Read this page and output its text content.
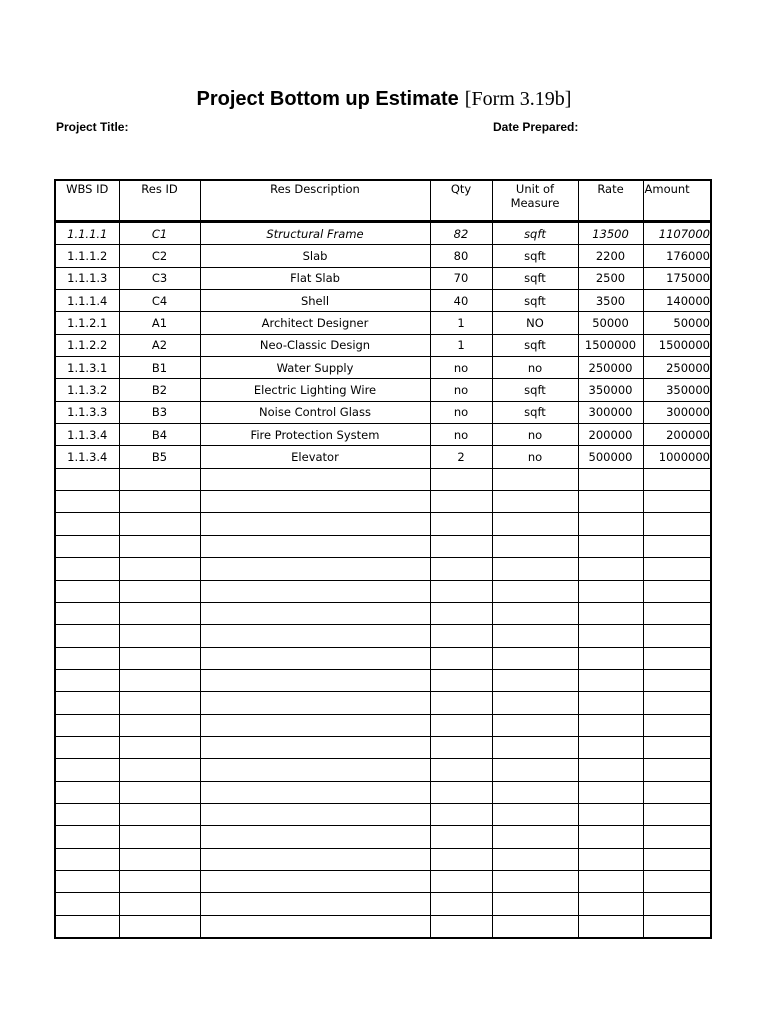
Project Bottom up Estimate [Form 3.19b]
Project Title:	Date Prepared:
WBS ID	Res ID	Res Description	Qty	Unit of Measure	Rate	Amount
1.1.1.1	C1	Structural Frame	82	sqft	13500	1107000
1.1.1.2	C2	Slab	80	sqft	2200	176000
1.1.1.3	C3	Flat Slab	70	sqft	2500	175000
1.1.1.4	C4	Shell	40	sqft	3500	140000
1.1.2.1	A1	Architect Designer	1	NO	50000	50000
1.1.2.2	A2	Neo-Classic Design	1	sqft	1500000	1500000
1.1.3.1	B1	Water Supply	no	no	250000	250000
1.1.3.2	B2	Electric Lighting Wire	no	sqft	350000	350000
1.1.3.3	B3	Noise Control Glass	no	sqft	300000	300000
1.1.3.4	B4	Fire Protection System	no	no	200000	200000
1.1.3.4	B5	Elevator	2	no	500000	1000000
